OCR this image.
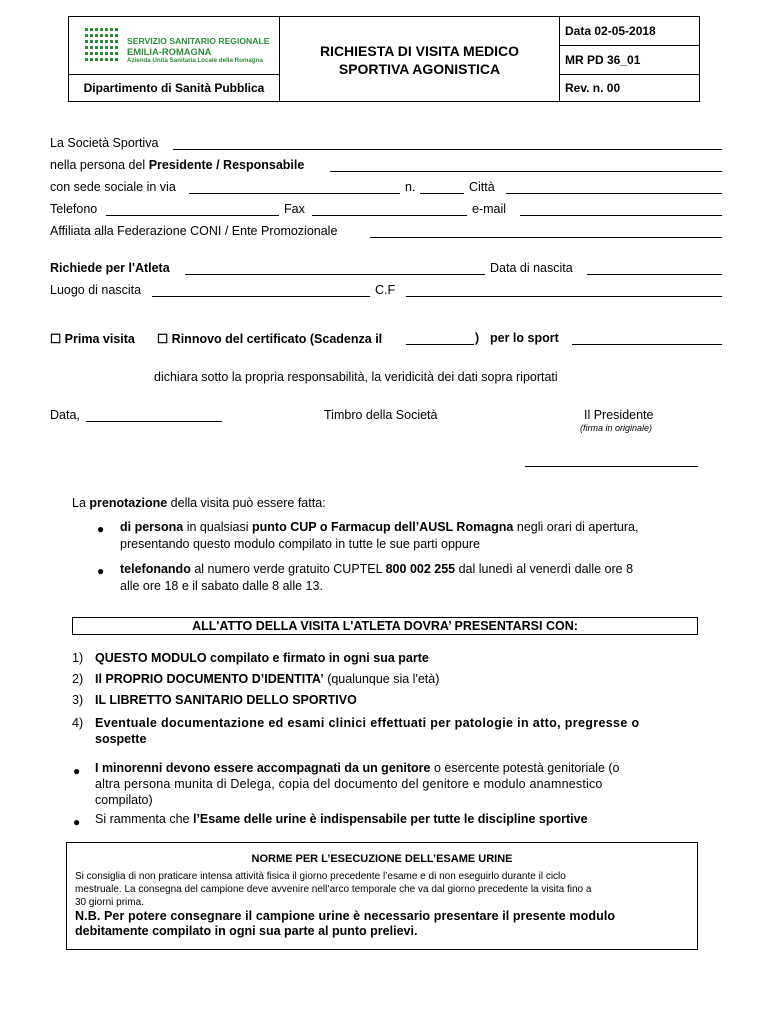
SERVIZIO SANITARIO REGIONALE
EMILIA-ROMAGNA
Azienda Unità Sanitaria Locale della Romagna
Dipartimento di Sanità Pubblica
RICHIESTA DI VISITA MEDICO
SPORTIVA AGONISTICA
Data 02-05-2018
MR PD 36_01
Rev. n. 00
La Società Sportiva
nella persona del Presidente / Responsabile
con sede sociale in via	n.	Città
Telefono	Fax	e-mail
Affiliata alla Federazione CONI / Ente Promozionale
Richiede per l'Atleta	Data di nascita
Luogo di nascita	C.F
☐ Prima visita ☐ Rinnovo del certificato (Scadenza il	) per lo sport
dichiara sotto la propria responsabilità, la veridicità dei dati sopra riportati
Data,	Timbro della Società	Il Presidente
(firma in originale)
La prenotazione della visita può essere fatta:
● di persona in qualsiasi punto CUP o Farmacup dell’AUSL Romagna negli orari di apertura,
presentando questo modulo compilato in tutte le sue parti oppure
● telefonando al numero verde gratuito CUPTEL 800 002 255 dal lunedì al venerdì dalle ore 8
alle ore 18 e il sabato dalle 8 alle 13.
ALL'ATTO DELLA VISITA L'ATLETA DOVRA’ PRESENTARSI CON:
1) QUESTO MODULO compilato e firmato in ogni sua parte
2) Il PROPRIO DOCUMENTO D’IDENTITA’ (qualunque sia l'età)
3) IL LIBRETTO SANITARIO DELLO SPORTIVO
4) Eventuale documentazione ed esami clinici effettuati per patologie in atto, pregresse o
sospette
● I minorenni devono essere accompagnati da un genitore o esercente potestà genitoriale (o
altra persona munita di Delega, copia del documento del genitore e modulo anamnestico
compilato)
● Si rammenta che l’Esame delle urine è indispensabile per tutte le discipline sportive
NORME PER L’ESECUZIONE DELL’ESAME URINE
Si consiglia di non praticare intensa attività fisica il giorno precedente l’esame e di non eseguirlo durante il ciclo
mestruale. La consegna del campione deve avvenire nell’arco temporale che va dal giorno precedente la visita fino a
30 giorni prima.
N.B. Per potere consegnare il campione urine è necessario presentare il presente modulo
debitamente compilato in ogni sua parte al punto prelievi.
